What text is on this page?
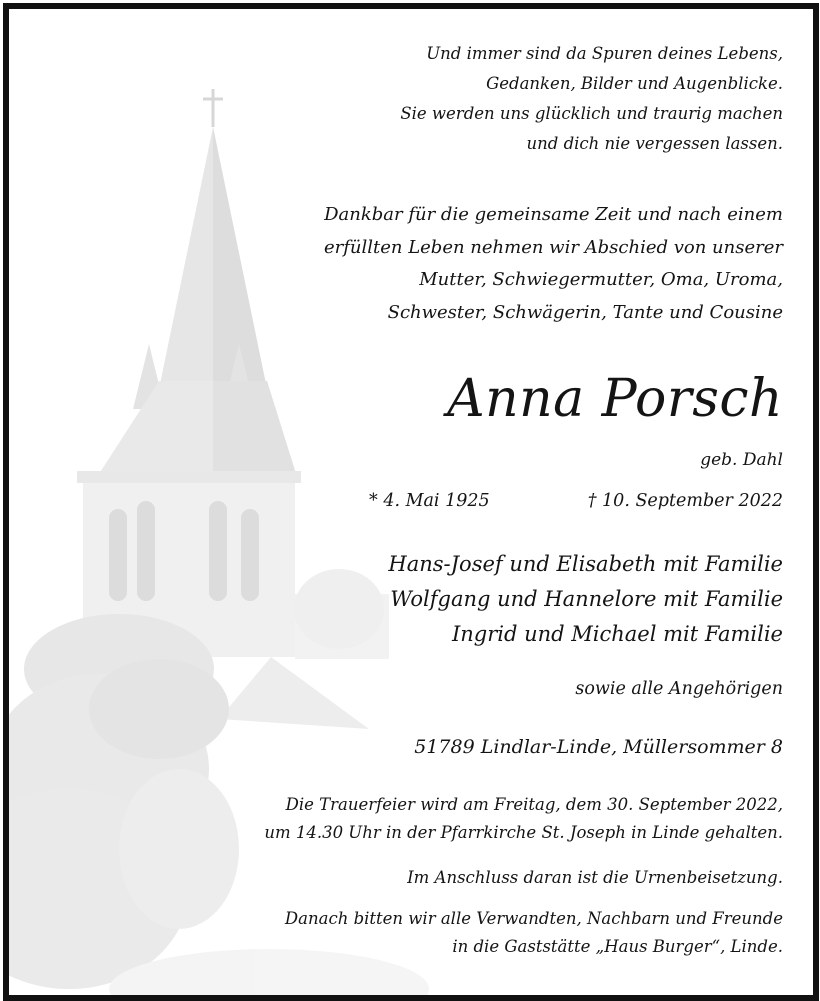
Und immer sind da Spuren deines Lebens,
Gedanken, Bilder und Augenblicke.
Sie werden uns glücklich und traurig machen
und dich nie vergessen lassen.
Dankbar für die gemeinsame Zeit und nach einem
erfüllten Leben nehmen wir Abschied von unserer
Mutter, Schwiegermutter, Oma, Uroma,
Schwester, Schwägerin, Tante und Cousine
Anna Porsch
geb. Dahl
* 4. Mai 1925	† 10. September 2022
Hans-Josef und Elisabeth mit Familie
Wolfgang und Hannelore mit Familie
Ingrid und Michael mit Familie
sowie alle Angehörigen
51789 Lindlar-Linde, Müllersommer 8
Die Trauerfeier wird am Freitag, dem 30. September 2022,
um 14.30 Uhr in der Pfarrkirche St. Joseph in Linde gehalten.
Im Anschluss daran ist die Urnenbeisetzung.
Danach bitten wir alle Verwandten, Nachbarn und Freunde
in die Gaststätte „Haus Burger“, Linde.
